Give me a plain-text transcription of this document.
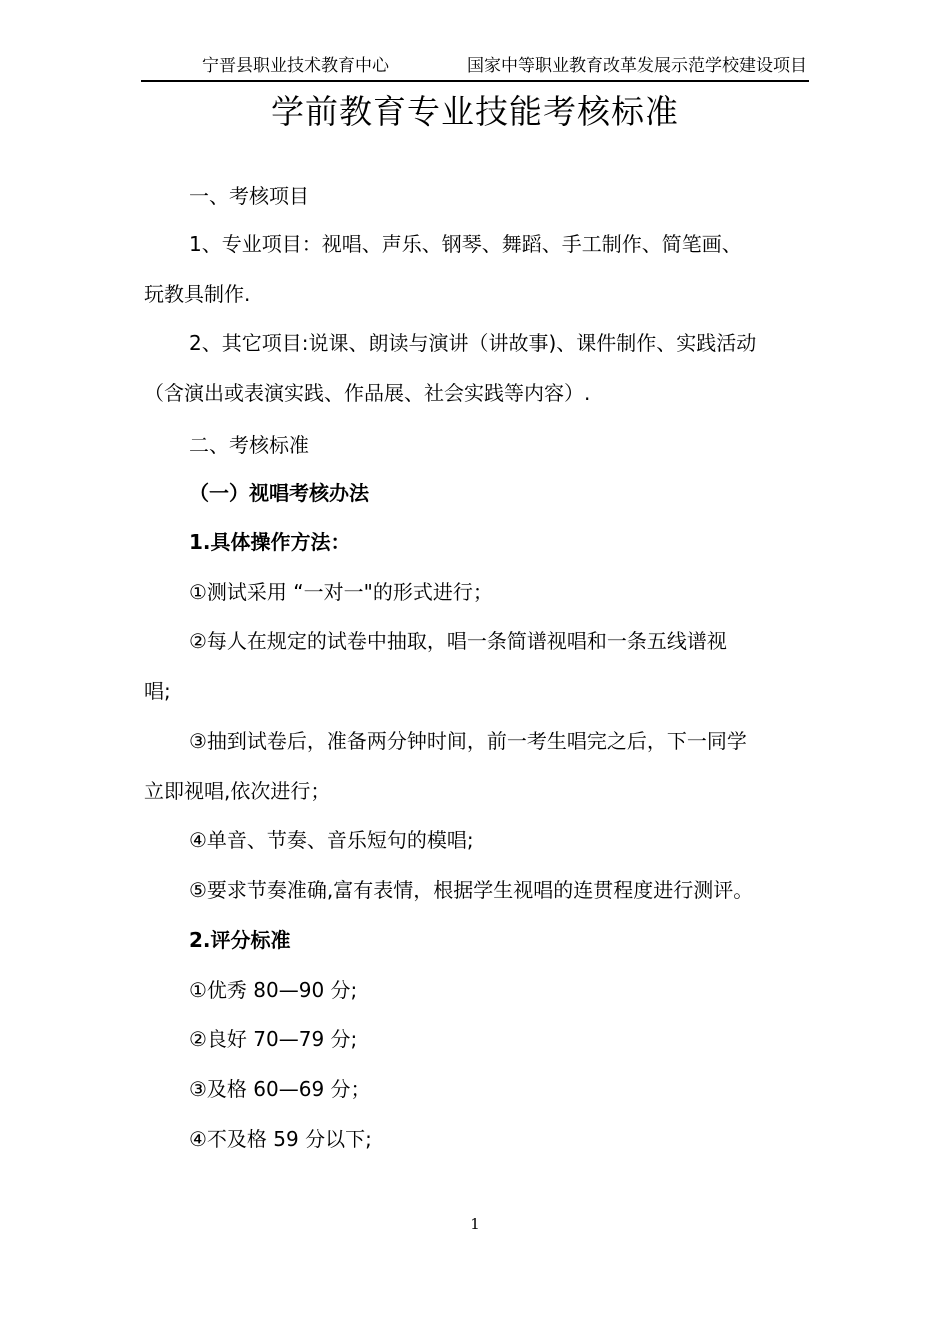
宁晋县职业技术教育中心	国家中等职业教育改革发展示范学校建设项目
学前教育专业技能考核标准
一、考核项目
1、专业项目：视唱、声乐、钢琴、舞蹈、手工制作、简笔画、
玩教具制作.
2、其它项目:说课、朗读与演讲（讲故事)、课件制作、实践活动
（含演出或表演实践、作品展、社会实践等内容）.
二、考核标准
（一）视唱考核办法
1.具体操作方法：
①测试采用 “一对一"的形式进行；
②每人在规定的试卷中抽取，唱一条简谱视唱和一条五线谱视
唱;
③抽到试卷后，准备两分钟时间，前一考生唱完之后，下一同学
立即视唱,依次进行；
④单音、节奏、音乐短句的模唱;
⑤要求节奏准确,富有表情，根据学生视唱的连贯程度进行测评。
2.评分标准
①优秀 80—90 分;
②良好 70—79 分;
③及格 60—69 分；
④不及格 59 分以下;
1
